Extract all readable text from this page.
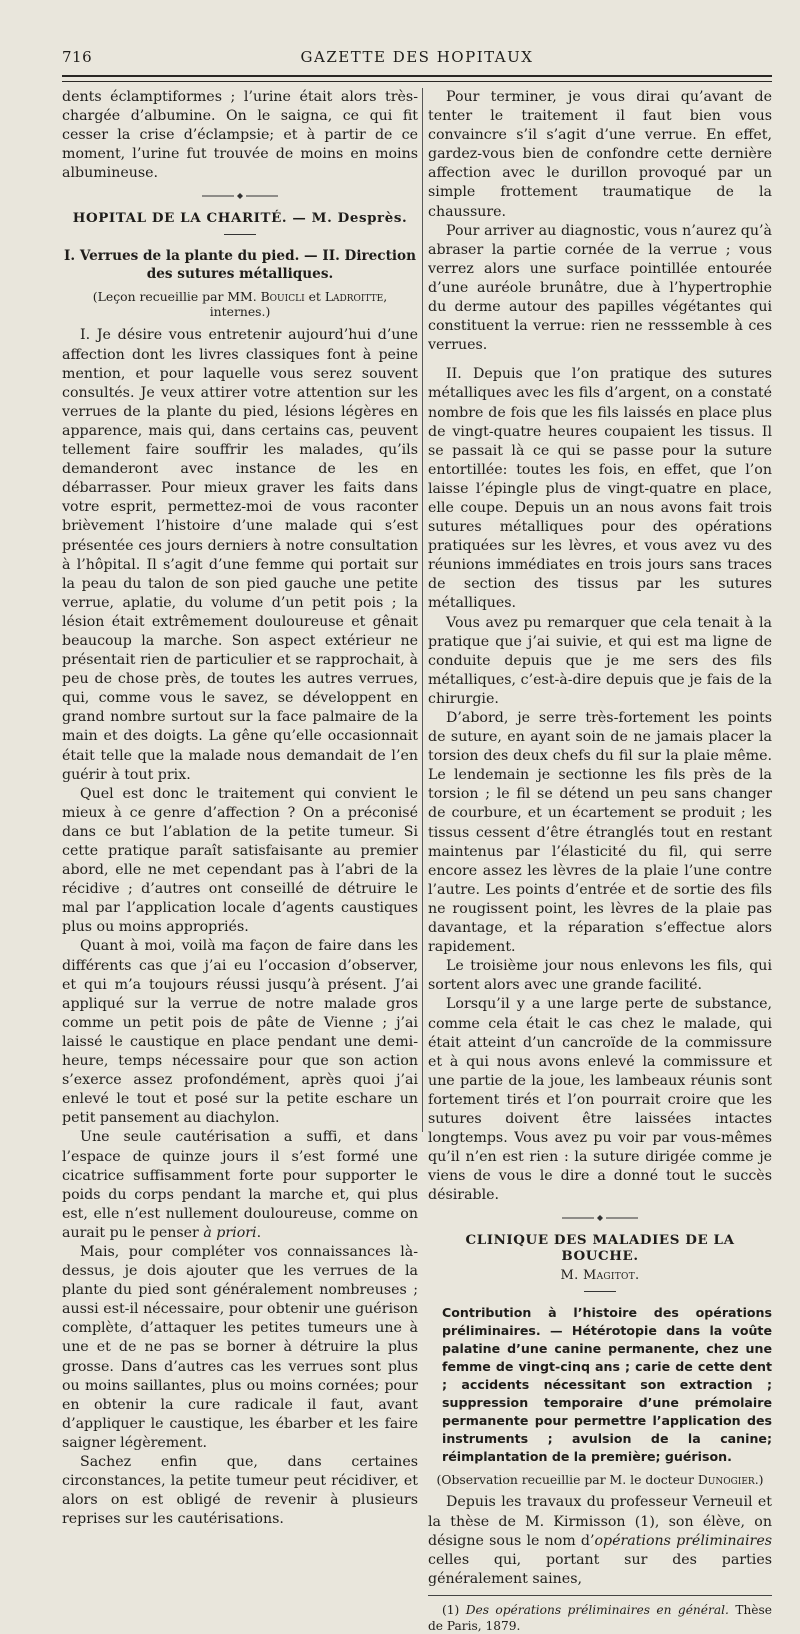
716	GAZETTE DES HOPITAUX

dents éclamptiformes ; l’urine était alors très-chargée d’albumine. On le saigna, ce qui fit cesser la crise d’éclampsie; et à partir de ce moment, l’urine fut trouvée de moins en moins albumineuse.

HOPITAL DE LA CHARITÉ. — M. Desprès.
I. Verrues de la plante du pied. — II. Direction des sutures métalliques.
(Leçon recueillie par MM. Bouicli et Ladroitte, internes.)

I. Je désire vous entretenir aujourd’hui d’une affection dont les livres classiques font à peine mention, et pour laquelle vous serez souvent consultés. Je veux attirer votre attention sur les verrues de la plante du pied, lésions légères en apparence, mais qui, dans certains cas, peuvent tellement faire souffrir les malades, qu’ils demanderont avec instance de les en débarrasser. Pour mieux graver les faits dans votre esprit, permettez-moi de vous raconter brièvement l’histoire d’une malade qui s’est présentée ces jours derniers à notre consultation à l’hôpital. Il s’agit d’une femme qui portait sur la peau du talon de son pied gauche une petite verrue, aplatie, du volume d’un petit pois ; la lésion était extrêmement douloureuse et gênait beaucoup la marche. Son aspect extérieur ne présentait rien de particulier et se rapprochait, à peu de chose près, de toutes les autres verrues, qui, comme vous le savez, se développent en grand nombre surtout sur la face palmaire de la main et des doigts. La gêne qu’elle occasionnait était telle que la malade nous demandait de l’en guérir à tout prix.

Quel est donc le traitement qui convient le mieux à ce genre d’affection ? On a préconisé dans ce but l’ablation de la petite tumeur. Si cette pratique paraît satisfaisante au premier abord, elle ne met cependant pas à l’abri de la récidive ; d’autres ont conseillé de détruire le mal par l’application locale d’agents caustiques plus ou moins appropriés.

Quant à moi, voilà ma façon de faire dans les différents cas que j’ai eu l’occasion d’observer, et qui m’a toujours réussi jusqu’à présent. J’ai appliqué sur la verrue de notre malade gros comme un petit pois de pâte de Vienne ; j’ai laissé le caustique en place pendant une demi-heure, temps nécessaire pour que son action s’exerce assez profondément, après quoi j’ai enlevé le tout et posé sur la petite eschare un petit pansement au diachylon.

Une seule cautérisation a suffi, et dans l’espace de quinze jours il s’est formé une cicatrice suffisamment forte pour supporter le poids du corps pendant la marche et, qui plus est, elle n’est nullement douloureuse, comme on aurait pu le penser à priori.

Mais, pour compléter vos connaissances là-dessus, je dois ajouter que les verrues de la plante du pied sont généralement nombreuses ; aussi est-il nécessaire, pour obtenir une guérison complète, d’attaquer les petites tumeurs une à une et de ne pas se borner à détruire la plus grosse. Dans d’autres cas les verrues sont plus ou moins saillantes, plus ou moins cornées; pour en obtenir la cure radicale il faut, avant d’appliquer le caustique, les ébarber et les faire saigner légèrement.

Sachez enfin que, dans certaines circonstances, la petite tumeur peut récidiver, et alors on est obligé de revenir à plusieurs reprises sur les cautérisations.

Pour terminer, je vous dirai qu’avant de tenter le traitement il faut bien vous convaincre s’il s’agit d’une verrue. En effet, gardez-vous bien de confondre cette dernière affection avec le durillon provoqué par un simple frottement traumatique de la chaussure.

Pour arriver au diagnostic, vous n’aurez qu’à abraser la partie cornée de la verrue ; vous verrez alors une surface pointillée entourée d’une auréole brunâtre, due à l’hypertrophie du derme autour des papilles végétantes qui constituent la verrue: rien ne resssemble à ces verrues.

II. Depuis que l’on pratique des sutures métalliques avec les fils d’argent, on a constaté nombre de fois que les fils laissés en place plus de vingt-quatre heures coupaient les tissus. Il se passait là ce qui se passe pour la suture entortillée: toutes les fois, en effet, que l’on laisse l’épingle plus de vingt-quatre en place, elle coupe. Depuis un an nous avons fait trois sutures métalliques pour des opérations pratiquées sur les lèvres, et vous avez vu des réunions immédiates en trois jours sans traces de section des tissus par les sutures métalliques.

Vous avez pu remarquer que cela tenait à la pratique que j’ai suivie, et qui est ma ligne de conduite depuis que je me sers des fils métalliques, c’est-à-dire depuis que je fais de la chirurgie.

D’abord, je serre très-fortement les points de suture, en ayant soin de ne jamais placer la torsion des deux chefs du fil sur la plaie même. Le lendemain je sectionne les fils près de la torsion ; le fil se détend un peu sans changer de courbure, et un écartement se produit ; les tissus cessent d’être étranglés tout en restant maintenus par l’élasticité du fil, qui serre encore assez les lèvres de la plaie l’une contre l’autre. Les points d’entrée et de sortie des fils ne rougissent point, les lèvres de la plaie pas davantage, et la réparation s’effectue alors rapidement.

Le troisième jour nous enlevons les fils, qui sortent alors avec une grande facilité.

Lorsqu’il y a une large perte de substance, comme cela était le cas chez le malade, qui était atteint d’un cancroïde de la commissure et à qui nous avons enlevé la commissure et une partie de la joue, les lambeaux réunis sont fortement tirés et l’on pourrait croire que les sutures doivent être laissées intactes longtemps. Vous avez pu voir par vous-mêmes qu’il n’en est rien : la suture dirigée comme je viens de vous le dire a donné tout le succès désirable.

CLINIQUE DES MALADIES DE LA BOUCHE.
M. Magitot.

Contribution à l’histoire des opérations préliminaires. — Hétérotopie dans la voûte palatine d’une canine permanente, chez une femme de vingt-cinq ans ; carie de cette dent ; accidents nécessitant son extraction ; suppression temporaire d’une prémolaire permanente pour permettre l’application des instruments ; avulsion de la canine; réimplantation de la première; guérison.

(Observation recueillie par M. le docteur Dunogier.)

Depuis les travaux du professeur Verneuil et la thèse de M. Kirmisson (1), son élève, on désigne sous le nom d’opérations préliminaires celles qui, portant sur des parties généralement saines,

(1) Des opérations préliminaires en général. Thèse de Paris, 1879.
